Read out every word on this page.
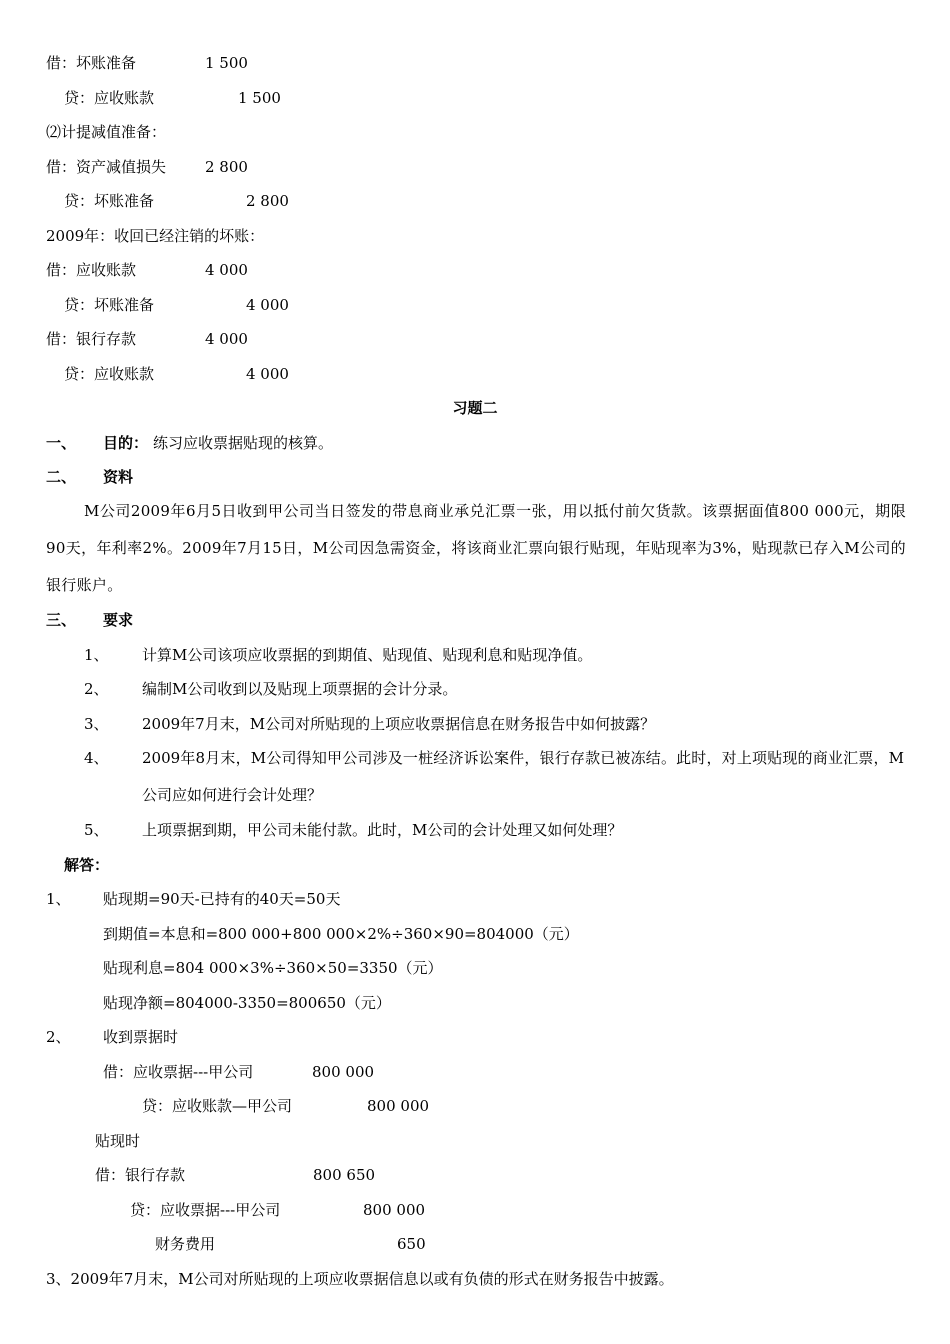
借：坏账准备	1 500
贷：应收账款	1 500
⑵计提减值准备：
借：资产减值损失	2 800
贷：坏账准备	2 800
2009年：收回已经注销的坏账：
借：应收账款	4 000
贷：坏账准备	4 000
借：银行存款	4 000
贷：应收账款	4 000
习题二
一、 目的： 练习应收票据贴现的核算。
二、 资料
M公司2009年6月5日收到甲公司当日签发的带息商业承兑汇票一张，用以抵付前欠货款。该票据面值800 000元，期限90天，年利率2%。2009年7月15日，M公司因急需资金，将该商业汇票向银行贴现，年贴现率为3%，贴现款已存入M公司的银行账户。
三、 要求
1、 计算M公司该项应收票据的到期值、贴现值、贴现利息和贴现净值。
2、 编制M公司收到以及贴现上项票据的会计分录。
3、 2009年7月末，M公司对所贴现的上项应收票据信息在财务报告中如何披露？
4、 2009年8月末，M公司得知甲公司涉及一桩经济诉讼案件，银行存款已被冻结。此时，对上项贴现的商业汇票，M公司应如何进行会计处理？
5、 上项票据到期，甲公司未能付款。此时，M公司的会计处理又如何处理？
解答：
1、 贴现期=90天-已持有的40天=50天
到期值=本息和=800 000+800 000×2%÷360×90=804000（元）
贴现利息=804 000×3%÷360×50=3350（元）
贴现净额=804000-3350=800650（元）
2、 收到票据时
借：应收票据---甲公司	800 000
贷：应收账款—甲公司	800 000
贴现时
借：银行存款	800 650
贷：应收票据---甲公司	800 000
财务费用	650
3、2009年7月末，M公司对所贴现的上项应收票据信息以或有负债的形式在财务报告中披露。
